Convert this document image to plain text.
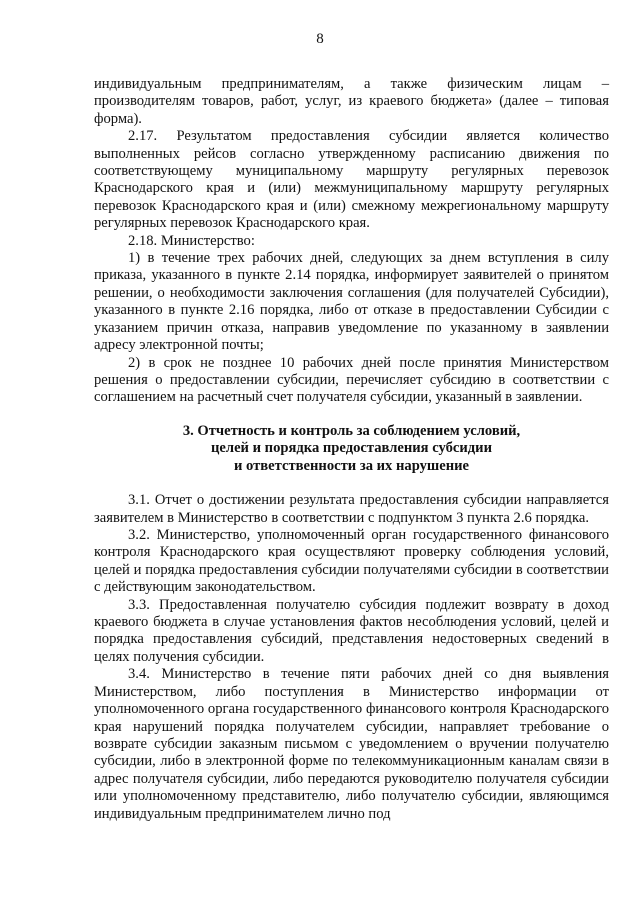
8

индивидуальным предпринимателям, а также физическим лицам – производителям товаров, работ, услуг, из краевого бюджета» (далее – типовая форма).

2.17. Результатом предоставления субсидии является количество выполненных рейсов согласно утвержденному расписанию движения по соответствующему муниципальному маршруту регулярных перевозок Краснодарского края и (или) межмуниципальному маршруту регулярных перевозок Краснодарского края и (или) смежному межрегиональному маршруту регулярных перевозок Краснодарского края.

2.18. Министерство:

1) в течение трех рабочих дней, следующих за днем вступления в силу приказа, указанного в пункте 2.14 порядка, информирует заявителей о принятом решении, о необходимости заключения соглашения (для получателей Субсидии), указанного в пункте 2.16 порядка, либо от отказе в предоставлении Субсидии с указанием причин отказа, направив уведомление по указанному в заявлении адресу электронной почты;

2) в срок не позднее 10 рабочих дней после принятия Министерством решения о предоставлении субсидии, перечисляет субсидию в соответствии с соглашением на расчетный счет получателя субсидии, указанный в заявлении.

3. Отчетность и контроль за соблюдением условий,
целей и порядка предоставления субсидии
и ответственности за их нарушение

3.1. Отчет о достижении результата предоставления субсидии направляется заявителем в Министерство в соответствии с подпунктом 3 пункта 2.6 порядка.

3.2. Министерство, уполномоченный орган государственного финансового контроля Краснодарского края осуществляют проверку соблюдения условий, целей и порядка предоставления субсидии получателями субсидии в соответствии с действующим законодательством.

3.3. Предоставленная получателю субсидия подлежит возврату в доход краевого бюджета в случае установления фактов несоблюдения условий, целей и порядка предоставления субсидий, представления недостоверных сведений в целях получения субсидии.

3.4. Министерство в течение пяти рабочих дней со дня выявления Министерством, либо поступления в Министерство информации от уполномоченного органа государственного финансового контроля Краснодарского края нарушений порядка получателем субсидии, направляет требование о возврате субсидии заказным письмом с уведомлением о вручении получателю субсидии, либо в электронной форме по телекоммуникационным каналам связи в адрес получателя субсидии, либо передаются руководителю получателя субсидии или уполномоченному представителю, либо получателю субсидии, являющимся индивидуальным предпринимателем лично под
